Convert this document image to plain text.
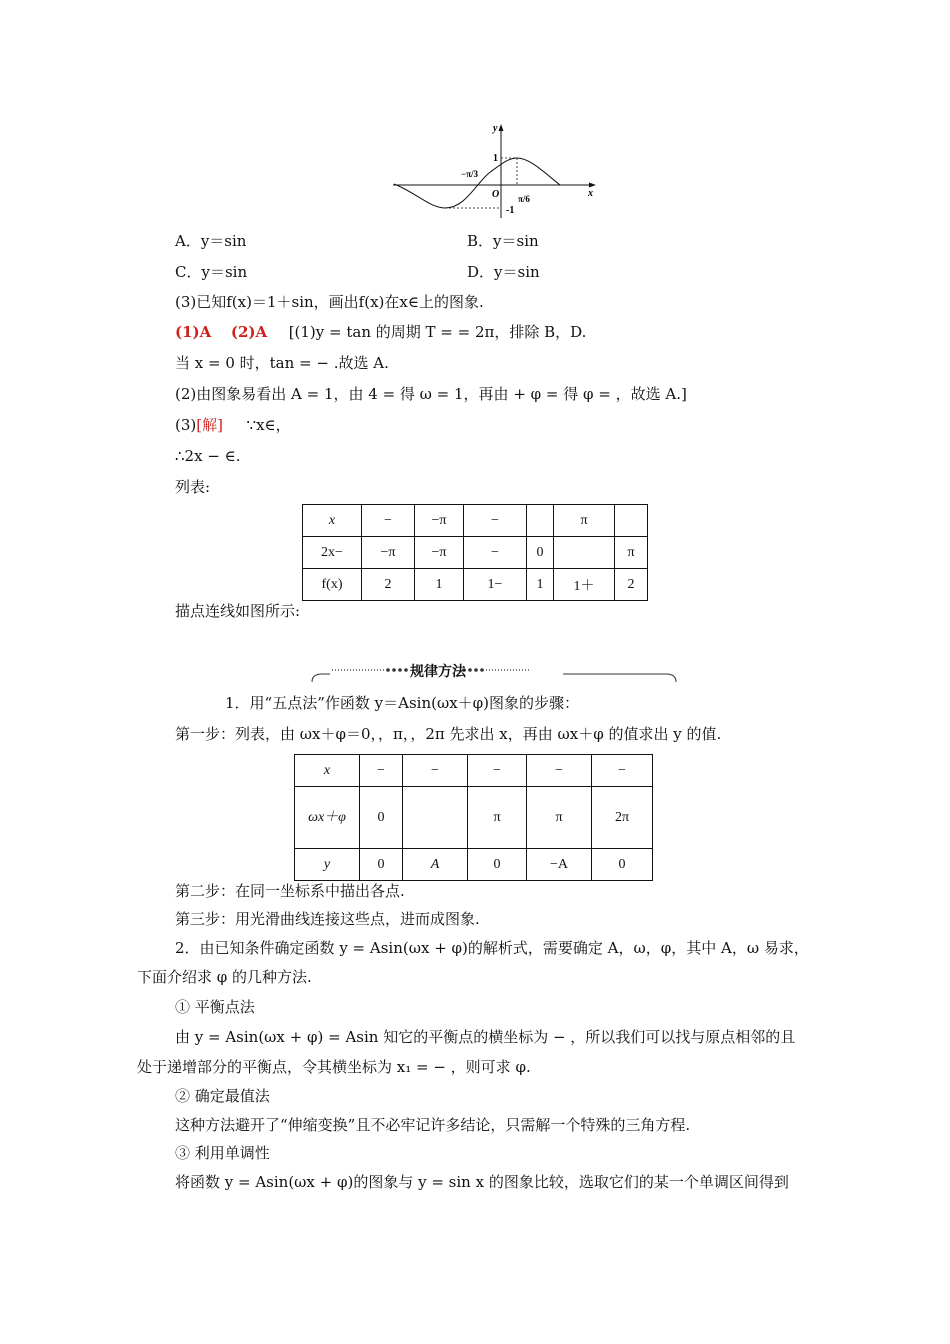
y
x
O
1
-1
−π/3
π/6
A．y＝sin	B．y＝sin
C．y＝sin	D．y＝sin
(3)已知f(x)＝1＋sin，画出f(x)在x∈上的图象.
(1)A (2)A [(1)y = tan 的周期 T = = 2π，排除 B，D.
当 x = 0 时，tan = − .故选 A.
(2)由图象易看出 A = 1，由 4 = 得 ω = 1，再由 + φ = 得 φ = ，故选 A.]
(3)[解] ∵x∈，
∴2x − ∈.
列表:
x	−	−π	−		π	
2x−	−π	−π	−	0		π
f(x)	2	1	1−	1	1＋	2
描点连线如图所示:
规律方法
1．用“五点法”作函数 y＝Asin(ωx＋φ)图象的步骤：
第一步：列表，由 ωx＋φ＝0，，π，，2π 先求出 x，再由 ωx＋φ 的值求出 y 的值.
x	−	−	−	−	−
ωx＋φ	0		π	π	2π
y	0	A	0	−A	0
第二步：在同一坐标系中描出各点.
第三步：用光滑曲线连接这些点，进而成图象.
2．由已知条件确定函数 y = Asin(ωx + φ)的解析式，需要确定 A，ω，φ，其中 A，ω 易求，
下面介绍求 φ 的几种方法.
① 平衡点法
由 y = Asin(ωx + φ) = Asin 知它的平衡点的横坐标为 − ，所以我们可以找与原点相邻的且
处于递增部分的平衡点，令其横坐标为 x₁ = − ，则可求 φ.
② 确定最值法
这种方法避开了“伸缩变换”且不必牢记许多结论，只需解一个特殊的三角方程.
③ 利用单调性
将函数 y = Asin(ωx + φ)的图象与 y = sin x 的图象比较，选取它们的某一个单调区间得到
